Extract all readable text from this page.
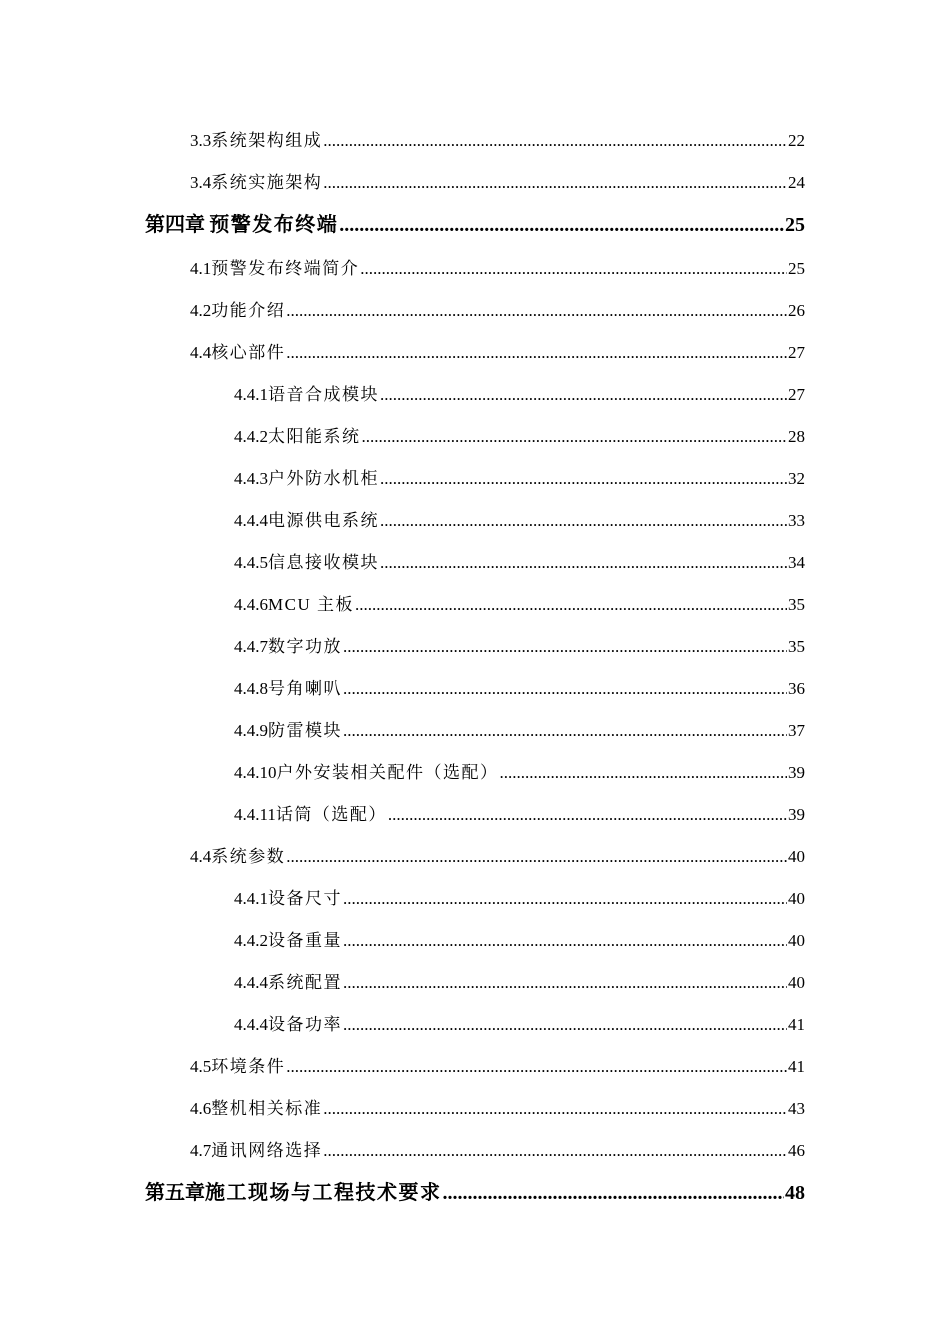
3.3 系统架构组成 .....	22
3.4 系统实施架构 .....	24
第四章 预警发布终端 .....	25
4.1 预警发布终端简介 .....	25
4.2 功能介绍 .....	26
4.4 核心部件 .....	27
4.4.1 语音合成模块 .....	27
4.4.2 太阳能系统 .....	28
4.4.3 户外防水机柜 .....	32
4.4.4 电源供电系统 .....	33
4.4.5 信息接收模块 .....	34
4.4.6 MCU 主板 .....	35
4.4.7 数字功放 .....	35
4.4.8 号角喇叭 .....	36
4.4.9 防雷模块 .....	37
4.4.10 户外安装相关配件（选配） .....	39
4.4.11 话筒（选配） .....	39
4.4 系统参数 .....	40
4.4.1 设备尺寸 .....	40
4.4.2 设备重量 .....	40
4.4.4 系统配置 .....	40
4.4.4 设备功率 .....	41
4.5 环境条件 .....	41
4.6 整机相关标准 .....	43
4.7 通讯网络选择 .....	46
第五章 施工现场与工程技术要求 .....	48
